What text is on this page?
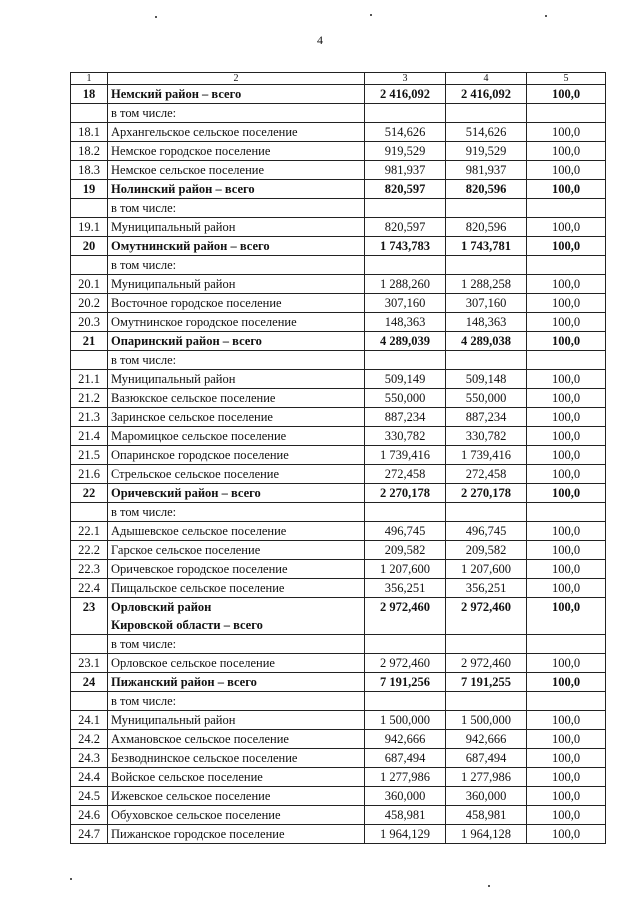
4
1	2	3	4	5
18	Немский район – всего	2 416,092	2 416,092	100,0
	в том числе:			
18.1	Архангельское сельское поселение	514,626	514,626	100,0
18.2	Немское городское поселение	919,529	919,529	100,0
18.3	Немское сельское поселение	981,937	981,937	100,0
19	Нолинский район – всего	820,597	820,596	100,0
	в том числе:			
19.1	Муниципальный район	820,597	820,596	100,0
20	Омутнинский район – всего	1 743,783	1 743,781	100,0
	в том числе:			
20.1	Муниципальный район	1 288,260	1 288,258	100,0
20.2	Восточное городское поселение	307,160	307,160	100,0
20.3	Омутнинское городское поселение	148,363	148,363	100,0
21	Опаринский район – всего	4 289,039	4 289,038	100,0
	в том числе:			
21.1	Муниципальный район	509,149	509,148	100,0
21.2	Вазюкское сельское поселение	550,000	550,000	100,0
21.3	Заринское сельское поселение	887,234	887,234	100,0
21.4	Маромицкое сельское поселение	330,782	330,782	100,0
21.5	Опаринское городское поселение	1 739,416	1 739,416	100,0
21.6	Стрельское сельское поселение	272,458	272,458	100,0
22	Оричевский район – всего	2 270,178	2 270,178	100,0
	в том числе:			
22.1	Адышевское сельское поселение	496,745	496,745	100,0
22.2	Гарское сельское поселение	209,582	209,582	100,0
22.3	Оричевское городское поселение	1 207,600	1 207,600	100,0
22.4	Пищальское сельское поселение	356,251	356,251	100,0
23	Орловский район
Кировской области – всего	2 972,460	2 972,460	100,0
	в том числе:			
23.1	Орловское сельское поселение	2 972,460	2 972,460	100,0
24	Пижанский район – всего	7 191,256	7 191,255	100,0
	в том числе:			
24.1	Муниципальный район	1 500,000	1 500,000	100,0
24.2	Ахмановское сельское поселение	942,666	942,666	100,0
24.3	Безводнинское сельское поселение	687,494	687,494	100,0
24.4	Войское сельское поселение	1 277,986	1 277,986	100,0
24.5	Ижевское сельское поселение	360,000	360,000	100,0
24.6	Обуховское сельское поселение	458,981	458,981	100,0
24.7	Пижанское городское поселение	1 964,129	1 964,128	100,0
